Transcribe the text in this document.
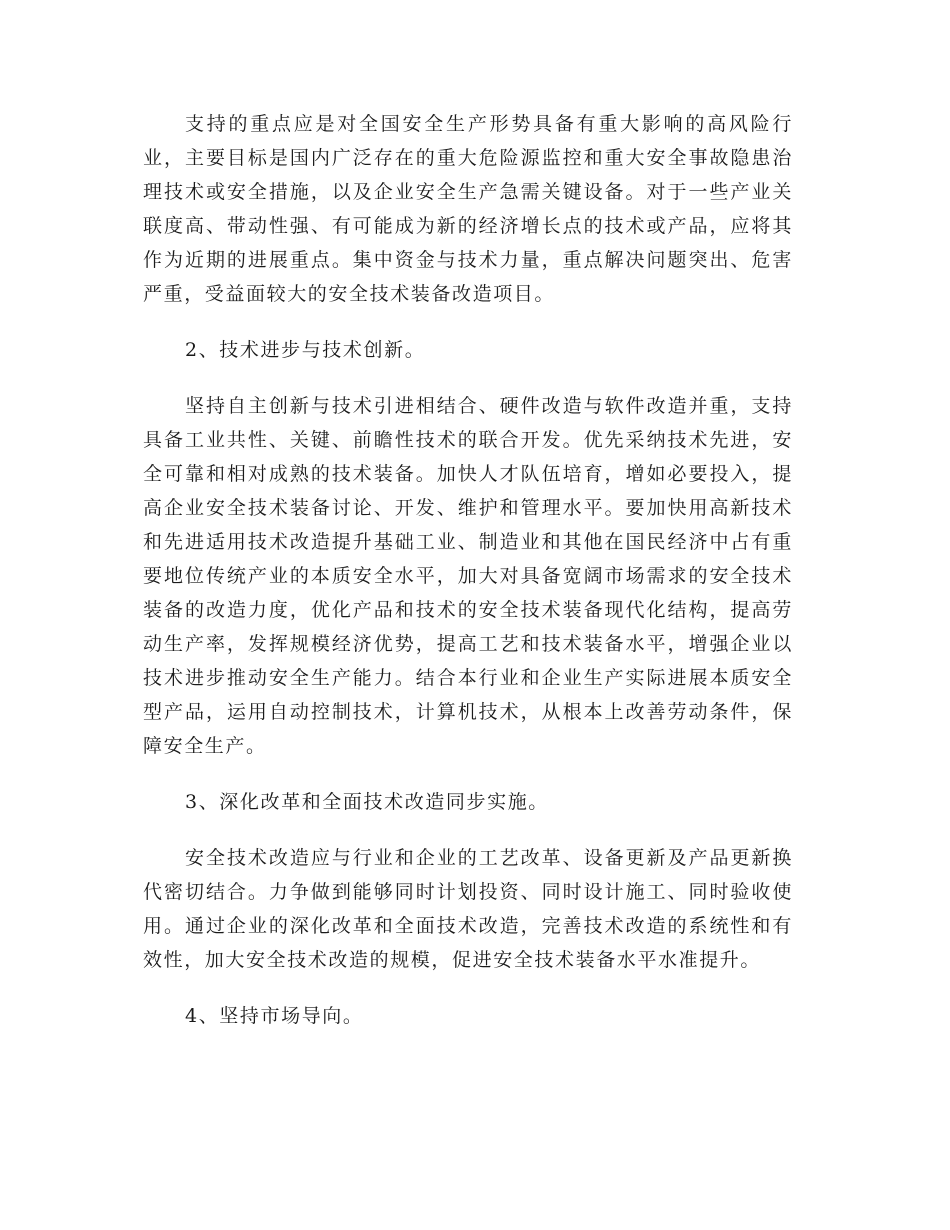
支持的重点应是对全国安全生产形势具备有重大影响的高风险行业，主要目标是国内广泛存在的重大危险源监控和重大安全事故隐患治理技术或安全措施，以及企业安全生产急需关键设备。对于一些产业关联度高、带动性强、有可能成为新的经济增长点的技术或产品，应将其作为近期的进展重点。集中资金与技术力量，重点解决问题突出、危害严重，受益面较大的安全技术装备改造项目。

2、技术进步与技术创新。

坚持自主创新与技术引进相结合、硬件改造与软件改造并重，支持具备工业共性、关键、前瞻性技术的联合开发。优先采纳技术先进，安全可靠和相对成熟的技术装备。加快人才队伍培育，增如必要投入，提高企业安全技术装备讨论、开发、维护和管理水平。要加快用高新技术和先进适用技术改造提升基础工业、制造业和其他在国民经济中占有重要地位传统产业的本质安全水平，加大对具备宽阔市场需求的安全技术装备的改造力度，优化产品和技术的安全技术装备现代化结构，提高劳动生产率，发挥规模经济优势，提高工艺和技术装备水平，增强企业以技术进步推动安全生产能力。结合本行业和企业生产实际进展本质安全型产品，运用自动控制技术，计算机技术，从根本上改善劳动条件，保障安全生产。

3、深化改革和全面技术改造同步实施。

安全技术改造应与行业和企业的工艺改革、设备更新及产品更新换代密切结合。力争做到能够同时计划投资、同时设计施工、同时验收使用。通过企业的深化改革和全面技术改造，完善技术改造的系统性和有效性，加大安全技术改造的规模，促进安全技术装备水平水准提升。

4、坚持市场导向。
